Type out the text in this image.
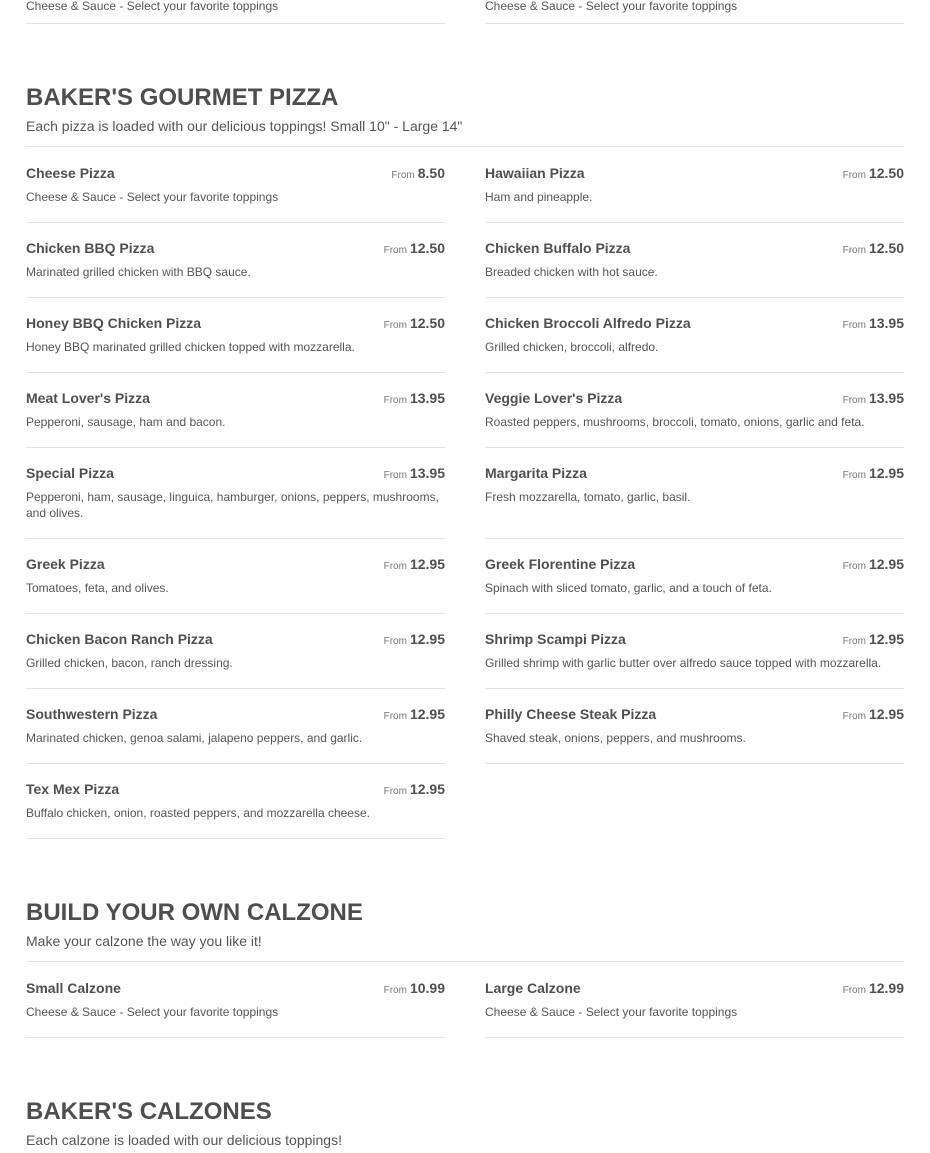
Cheese & Sauce - Select your favorite toppings	Cheese & Sauce - Select your favorite toppings
BAKER'S GOURMET PIZZA
Each pizza is loaded with our delicious toppings! Small 10" - Large 14"
Cheese Pizza	From 8.50
Cheese & Sauce - Select your favorite toppings
Hawaiian Pizza	From 12.50
Ham and pineapple.
Chicken BBQ Pizza	From 12.50
Marinated grilled chicken with BBQ sauce.
Chicken Buffalo Pizza	From 12.50
Breaded chicken with hot sauce.
Honey BBQ Chicken Pizza	From 12.50
Honey BBQ marinated grilled chicken topped with mozzarella.
Chicken Broccoli Alfredo Pizza	From 13.95
Grilled chicken, broccoli, alfredo.
Meat Lover's Pizza	From 13.95
Pepperoni, sausage, ham and bacon.
Veggie Lover's Pizza	From 13.95
Roasted peppers, mushrooms, broccoli, tomato, onions, garlic and feta.
Special Pizza	From 13.95
Pepperoni, ham, sausage, linguica, hamburger, onions, peppers, mushrooms, and olives.
Margarita Pizza	From 12.95
Fresh mozzarella, tomato, garlic, basil.
Greek Pizza	From 12.95
Tomatoes, feta, and olives.
Greek Florentine Pizza	From 12.95
Spinach with sliced tomato, garlic, and a touch of feta.
Chicken Bacon Ranch Pizza	From 12.95
Grilled chicken, bacon, ranch dressing.
Shrimp Scampi Pizza	From 12.95
Grilled shrimp with garlic butter over alfredo sauce topped with mozzarella.
Southwestern Pizza	From 12.95
Marinated chicken, genoa salami, jalapeno peppers, and garlic.
Philly Cheese Steak Pizza	From 12.95
Shaved steak, onions, peppers, and mushrooms.
Tex Mex Pizza	From 12.95
Buffalo chicken, onion, roasted peppers, and mozzarella cheese.
BUILD YOUR OWN CALZONE
Make your calzone the way you like it!
Small Calzone	From 10.99
Cheese & Sauce - Select your favorite toppings
Large Calzone	From 12.99
Cheese & Sauce - Select your favorite toppings
BAKER'S CALZONES
Each calzone is loaded with our delicious toppings!
